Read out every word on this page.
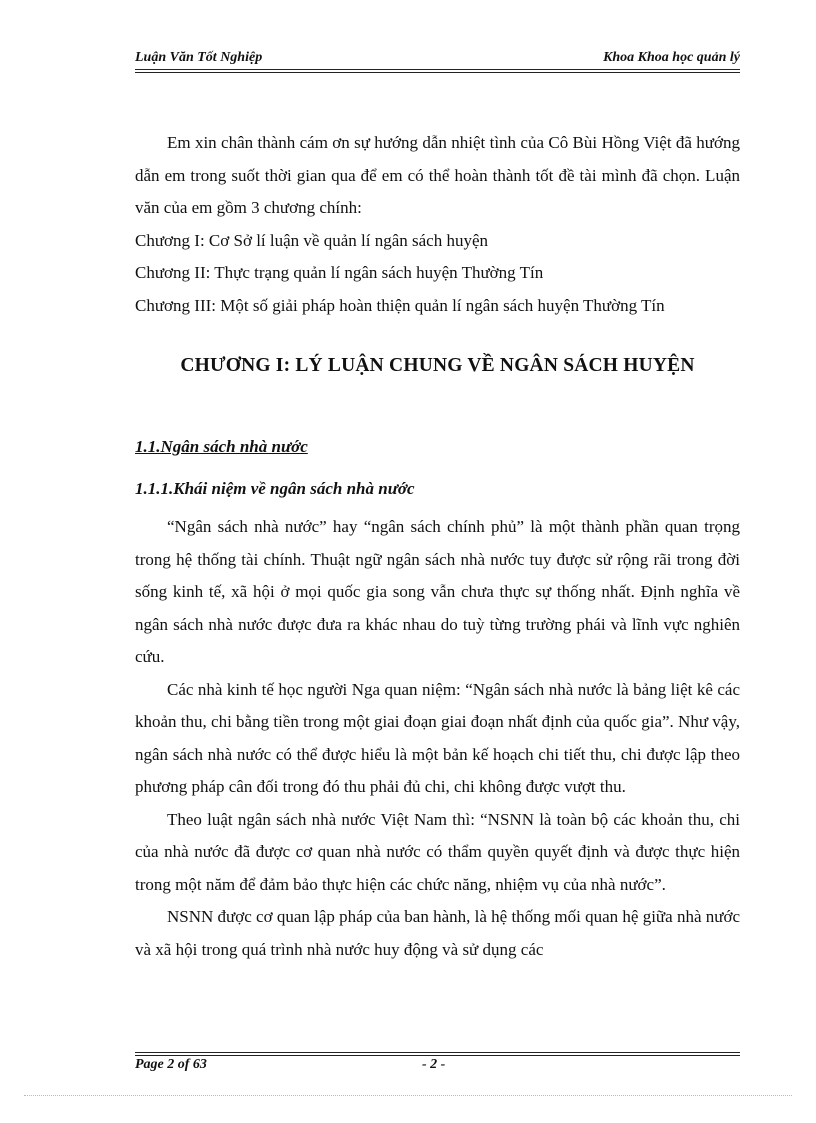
Luận Văn Tốt Nghiệp	Khoa Khoa học quản lý

Em xin chân thành cám ơn sự hướng dẫn nhiệt tình của Cô Bùi Hồng Việt đã hướng dẫn em trong suốt thời gian qua để em có thể hoàn thành tốt đề tài mình đã chọn. Luận văn của em gồm 3 chương chính:

Chương I: Cơ Sở lí luận về quản lí ngân sách huyện

Chương II: Thực trạng quản lí ngân sách huyện Thường Tín

Chương III: Một số giải pháp hoàn thiện quản lí ngân sách huyện Thường Tín

CHƯƠNG I: LÝ LUẬN CHUNG VỀ NGÂN SÁCH HUYỆN
1.1.Ngân sách nhà nước
1.1.1.Khái niệm về ngân sách nhà nước

“Ngân sách nhà nước” hay “ngân sách chính phủ” là một thành phần quan trọng trong hệ thống tài chính. Thuật ngữ ngân sách nhà nước tuy được sử rộng rãi trong đời sống kinh tế, xã hội ở mọi quốc gia song vẫn chưa thực sự thống nhất. Định nghĩa về ngân sách nhà nước được đưa ra khác nhau do tuỳ từng trường phái và lĩnh vực nghiên cứu.

Các nhà kinh tế học người Nga quan niệm: “Ngân sách nhà nước là bảng liệt kê các khoản thu, chi bằng tiền trong một giai đoạn giai đoạn nhất định của quốc gia”. Như vậy, ngân sách nhà nước có thể được hiểu là một bản kế hoạch chi tiết thu, chi được lập theo phương pháp cân đối trong đó thu phải đủ chi, chi không được vượt thu.

Theo luật ngân sách nhà nước Việt Nam thì: “NSNN là toàn bộ các khoản thu, chi của nhà nước đã được cơ quan nhà nước có thẩm quyền quyết định và được thực hiện trong một năm để đảm bảo thực hiện các chức năng, nhiệm vụ của nhà nước”.

NSNN được cơ quan lập pháp của ban hành, là hệ thống mối quan hệ giữa nhà nước và xã hội trong quá trình nhà nước huy động và sử dụng các

Page 2 of 63	- 2 -
